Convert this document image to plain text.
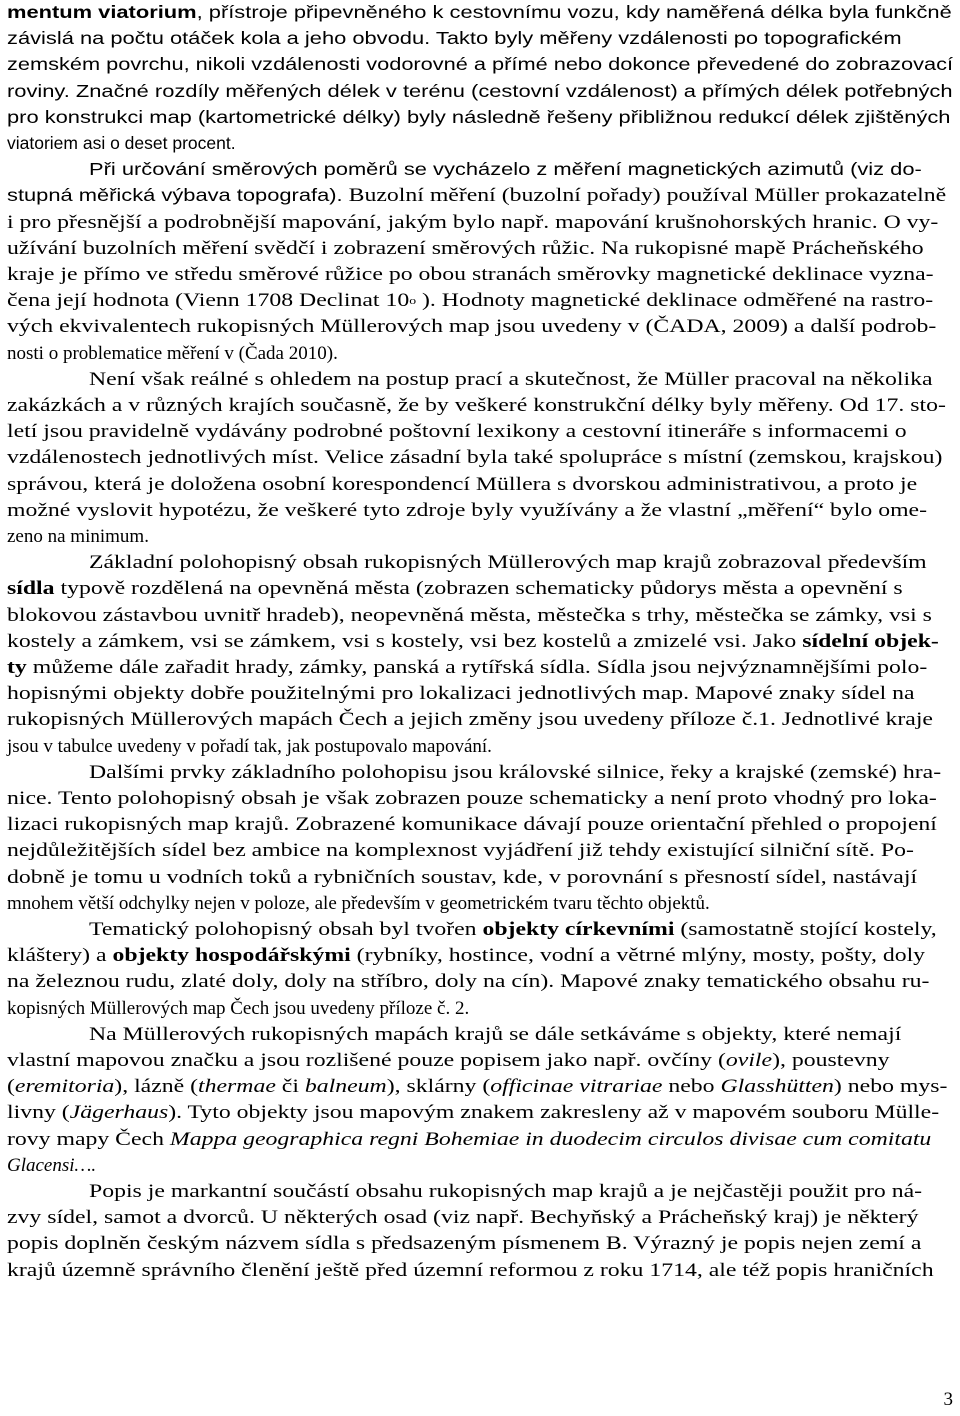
mentum viatorium, přístroje připevněného k cestovnímu vozu, kdy naměřená délka byla funkčně
závislá na počtu otáček kola a jeho obvodu. Takto byly měřeny vzdálenosti po topografickém
zemském povrchu, nikoli vzdálenosti vodorovné a přímé nebo dokonce převedené do zobrazovací
roviny. Značné rozdíly měřených délek v terénu (cestovní vzdálenost) a přímých délek potřebných
pro konstrukci map (kartometrické délky) byly následně řešeny přibližnou redukcí délek zjištěných
viatoriem asi o deset procent.
Při určování směrových poměrů se vycházelo z měření magnetických azimutů (viz do-
stupná měřická výbava topografa). Buzolní měření (buzolní pořady) používal Müller prokazatelně
i pro přesnější a podrobnější mapování, jakým bylo např. mapování krušnohorských hranic. O vy-
užívání buzolních měření svědčí i zobrazení směrových růžic. Na rukopisné mapě Prácheňského
kraje je přímo ve středu směrové růžice po obou stranách směrovky magnetické deklinace vyzna-
čena její hodnota (Vienn 1708 Declinat 10$^o$ ). Hodnoty magnetické deklinace odměřené na rastro-
vých ekvivalentech rukopisných Müllerových map jsou uvedeny v (ČADA, 2009) a další podrob-
nosti o problematice měření v (Čada 2010).
Není však reálné s ohledem na postup prací a skutečnost, že Müller pracoval na několika
zakázkách a v různých krajích současně, že by veškeré konstrukční délky byly měřeny. Od 17. sto-
letí jsou pravidelně vydávány podrobné poštovní lexikony a cestovní itineráře s informacemi o
vzdálenostech jednotlivých míst. Velice zásadní byla také spolupráce s místní (zemskou, krajskou)
správou, která je doložena osobní korespondencí Müllera s dvorskou administrativou, a proto je
možné vyslovit hypotézu, že veškeré tyto zdroje byly využívány a že vlastní „měření“ bylo ome-
zeno na minimum.
Základní polohopisný obsah rukopisných Müllerových map krajů zobrazoval především
sídla typově rozdělená na opevněná města (zobrazen schematicky půdorys města a opevnění s
blokovou zástavbou uvnitř hradeb), neopevněná města, městečka s trhy, městečka se zámky, vsi s
kostely a zámkem, vsi se zámkem, vsi s kostely, vsi bez kostelů a zmizelé vsi. Jako sídelní objek-
ty můžeme dále zařadit hrady, zámky, panská a rytířská sídla. Sídla jsou nejvýznamnějšími polo-
hopisnými objekty dobře použitelnými pro lokalizaci jednotlivých map. Mapové znaky sídel na
rukopisných Müllerových mapách Čech a jejich změny jsou uvedeny příloze č.1. Jednotlivé kraje
jsou v tabulce uvedeny v pořadí tak, jak postupovalo mapování.
Dalšími prvky základního polohopisu jsou královské silnice, řeky a krajské (zemské) hra-
nice. Tento polohopisný obsah je však zobrazen pouze schematicky a není proto vhodný pro loka-
lizaci rukopisných map krajů. Zobrazené komunikace dávají pouze orientační přehled o propojení
nejdůležitějších sídel bez ambice na komplexnost vyjádření již tehdy existující silniční sítě. Po-
dobně je tomu u vodních toků a rybničních soustav, kde, v porovnání s přesností sídel, nastávají
mnohem větší odchylky nejen v poloze, ale především v geometrickém tvaru těchto objektů.
Tematický polohopisný obsah byl tvořen objekty církevními (samostatně stojící kostely,
kláštery) a objekty hospodářskými (rybníky, hostince, vodní a větrné mlýny, mosty, pošty, doly
na železnou rudu, zlaté doly, doly na stříbro, doly na cín). Mapové znaky tematického obsahu ru-
kopisných Müllerových map Čech jsou uvedeny příloze č. 2.
Na Müllerových rukopisných mapách krajů se dále setkáváme s objekty, které nemají
vlastní mapovou značku a jsou rozlišené pouze popisem jako např. ovčíny (ovile), poustevny
(eremitoria), lázně (thermae či balneum), sklárny (officinae vitrariae nebo Glasshütten) nebo mys-
livny (Jägerhaus). Tyto objekty jsou mapovým znakem zakresleny až v mapovém souboru Mülle-
rovy mapy Čech Mappa geographica regni Bohemiae in duodecim circulos divisae cum comitatu
Glacensi….
Popis je markantní součástí obsahu rukopisných map krajů a je nejčastěji použit pro ná-
zvy sídel, samot a dvorců. U některých osad (viz např. Bechyňský a Prácheňský kraj) je některý
popis doplněn českým názvem sídla s předsazeným písmenem B. Výrazný je popis nejen zemí a
krajů územně správního členění ještě před územní reformou z roku 1714, ale též popis hraničních
3
